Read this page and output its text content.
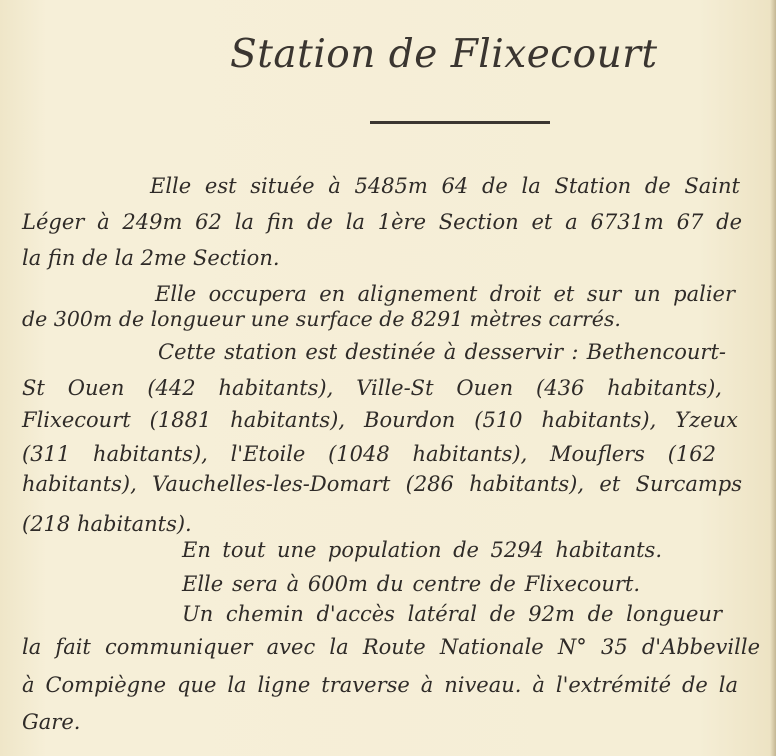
Station de Flixecourt
Elle est située à 5485m 64 de la Station de Saint
Léger à 249m 62 la fin de la 1ère Section et a 6731m 67 de
la fin de la 2me Section.
Elle occupera en alignement droit et sur un palier
de 300m de longueur une surface de 8291 mètres carrés.
Cette station est destinée à desservir : Bethencourt-
St Ouen (442 habitants), Ville-St Ouen (436 habitants),
Flixecourt (1881 habitants), Bourdon (510 habitants), Yzeux
(311 habitants), l'Etoile (1048 habitants), Mouflers (162
habitants), Vauchelles-les-Domart (286 habitants), et Surcamps
(218 habitants).
En tout une population de 5294 habitants.
Elle sera à 600m du centre de Flixecourt.
Un chemin d'accès latéral de 92m de longueur
la fait communiquer avec la Route Nationale N° 35 d'Abbeville
à Compiègne que la ligne traverse à niveau. à l'extrémité de la
Gare.
